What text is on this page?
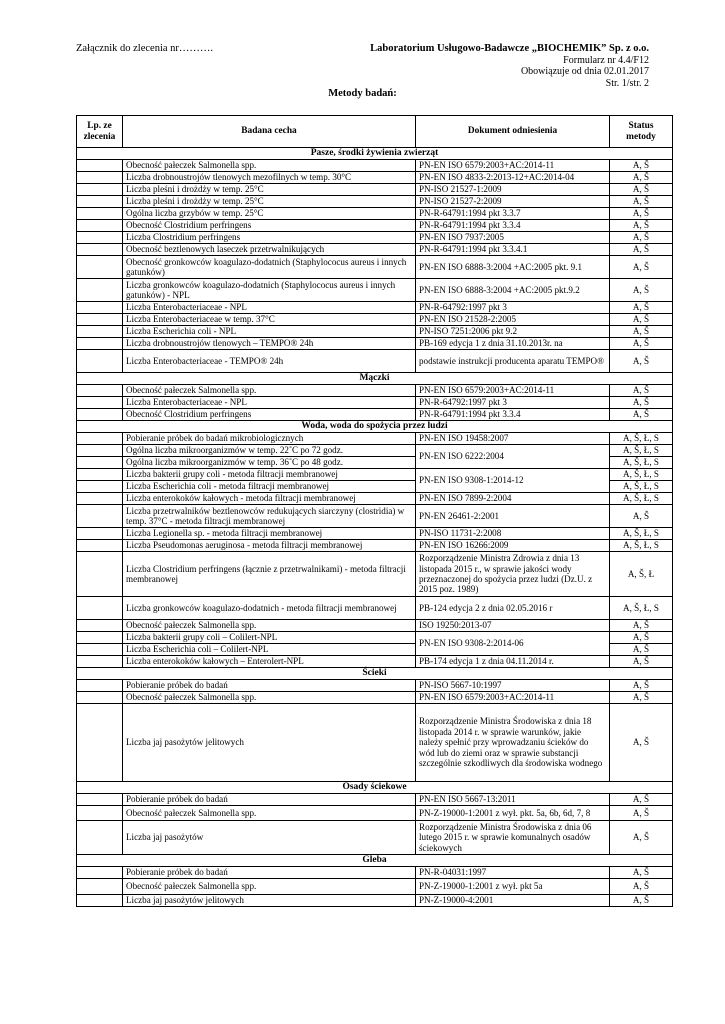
Załącznik do zlecenia nr……….	Laboratorium Usługowo-Badawcze „BIOCHEMIK” Sp. z o.o.
Formularz nr 4.4/F12
Obowiązuje od dnia 02.01.2017
Str. 1/str. 2
Metody badań:
Lp. ze zlecenia	Badana cecha	Dokument odniesienia	Status metody
Pasze, środki żywienia zwierząt			
	Obecność pałeczek Salmonella spp.	PN-EN ISO 6579:2003+AC:2014-11	A, Š
	Liczba drobnoustrojów tlenowych mezofilnych w temp. 30°C	PN-EN ISO 4833-2:2013-12+AC:2014-04	A, Š
	Liczba pleśni i drożdży w temp. 25°C	PN-ISO 21527-1:2009	A, Š
	Liczba pleśni i drożdży w temp. 25°C	PN-ISO 21527-2:2009	A, Š
	Ogólna liczba grzybów w temp. 25°C	PN-R-64791:1994 pkt 3.3.7	A, Š
	Obecność Clostridium perfringens	PN-R-64791:1994 pkt 3.3.4	A, Š
	Liczba Clostridium perfringens	PN-EN ISO 7937:2005	A, Š
	Obecność beztlenowych laseczek przetrwalnikujących	PN-R-64791:1994 pkt 3.3.4.1	A, Š
	Obecność gronkowców koagulazo-dodatnich (Staphylococus aureus i innych gatunków)	PN-EN ISO 6888-3:2004 +AC:2005 pkt. 9.1	A, Š
	Liczba gronkowców koagulazo-dodatnich (Staphylococus aureus i innych gatunków) - NPL	PN-EN ISO 6888-3:2004 +AC:2005 pkt.9.2	A, Š
	Liczba Enterobacteriaceae - NPL	PN-R-64792:1997 pkt 3	A, Š
	Liczba Enterobacteriaceae w temp. 37°C	PN-EN ISO 21528-2:2005	A, Š
	Liczba Escherichia coli - NPL	PN-ISO 7251:2006 pkt 9.2	A, Š
	Liczba drobnoustrojów tlenowych – TEMPO® 24h	PB-169 edycja 1 z dnia 31.10.2013r. na	A, Š
	Liczba Enterobacteriaceae - TEMPO® 24h	podstawie instrukcji producenta aparatu TEMPO®	A, Š
Mączki			
	Obecność pałeczek Salmonella spp.	PN-EN ISO 6579:2003+AC:2014-11	A, Š
	Liczba Enterobacteriaceae - NPL	PN-R-64792:1997 pkt 3	A, Š
	Obecność Clostridium perfringens	PN-R-64791:1994 pkt 3.3.4	A, Š
Woda, woda do spożycia przez ludzi			
	Pobieranie próbek do badań mikrobiologicznych	PN-EN ISO 19458:2007	A, Š, Ł, S
	Ogólna liczba mikroorganizmów w temp. 22˚C po 72 godz.	PN-EN ISO 6222:2004	A, Š, Ł, S
	Ogólna liczba mikroorganizmów w temp. 36˚C po 48 godz.		A, Š, Ł, S
	Liczba bakterii grupy coli - metoda filtracji membranowej	PN-EN ISO 9308-1:2014-12	A, Š, Ł, S
	Liczba Escherichia coli - metoda filtracji membranowej		A, Š, Ł, S
	Liczba enterokoków kałowych - metoda filtracji membranowej	PN-EN ISO 7899-2:2004	A, Š, Ł, S
	Liczba przetrwalników beztlenowców redukujących siarczyny (clostridia) w temp. 37°C - metoda filtracji membranowej	PN-EN 26461-2:2001	A, Š
	Liczba Legionella sp. - metoda filtracji membranowej	PN-ISO 11731-2:2008	A, Š, Ł, S
	Liczba Pseudomonas aeruginosa - metoda filtracji membranowej	PN-EN ISO 16266:2009	A, Š, Ł, S
	Liczba Clostridium perfringens (łącznie z przetrwalnikami) - metoda filtracji membranowej	Rozporządzenie Ministra Zdrowia z dnia 13 listopada 2015 r., w sprawie jakości wody przeznaczonej do spożycia przez ludzi (Dz.U. z 2015 poz. 1989)	A, Š, Ł
	Liczba gronkowców koagulazo-dodatnich - metoda filtracji membranowej	PB-124 edycja 2 z dnia 02.05.2016 r	A, Š, Ł, S
	Obecność pałeczek Salmonella spp.	ISO 19250:2013-07	A, Š
	Liczba bakterii grupy coli – Colilert-NPL	PN-EN ISO 9308-2:2014-06	A, Š
	Liczba Escherichia coli – Colilert-NPL		A, Š
	Liczba enterokoków kałowych – Enterolert-NPL	PB-174 edycja 1 z dnia 04.11.2014 r.	A, Š
Ścieki			
	Pobieranie próbek do badań	PN-ISO 5667-10:1997	A, Š
	Obecność pałeczek Salmonella spp.	PN-EN ISO 6579:2003+AC:2014-11	A, Š
	Liczba jaj pasożytów jelitowych	Rozporządzenie Ministra Środowiska z dnia 18 listopada 2014 r. w sprawie warunków, jakie należy spełnić przy wprowadzaniu ścieków do wód lub do ziemi oraz w sprawie substancji szczególnie szkodliwych dla środowiska wodnego	A, Š
Osady ściekowe			
	Pobieranie próbek do badań	PN-EN ISO 5667-13:2011	A, Š
	Obecność pałeczek Salmonella spp.	PN-Z-19000-1:2001 z wył. pkt. 5a, 6b, 6d, 7, 8	A, Š
	Liczba jaj pasożytów	Rozporządzenie Ministra Środowiska z dnia 06 lutego 2015 r. w sprawie komunalnych osadów ściekowych	A, Š
Gleba			
	Pobieranie próbek do badań	PN-R-04031:1997	A, Š
	Obecność pałeczek Salmonella spp.	PN-Z-19000-1:2001 z wył. pkt 5a	A, Š
	Liczba jaj pasożytów jelitowych	PN-Z-19000-4:2001	A, Š
